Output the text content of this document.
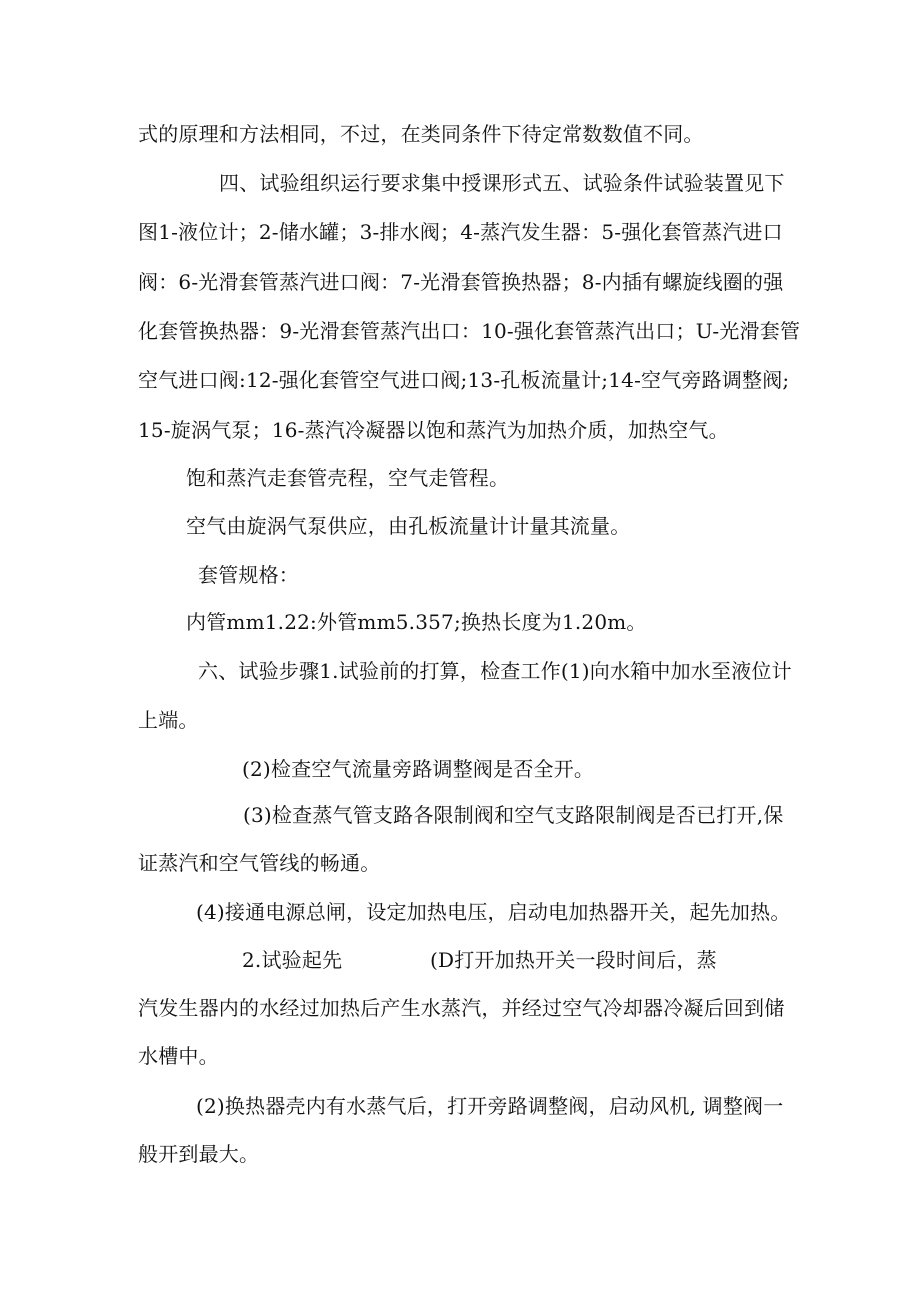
式的原理和方法相同，不过，在类同条件下待定常数数值不同。
四、试验组织运行要求集中授课形式五、试验条件试验装置见下
图1-液位计；2-储水罐；3-排水阀；4-蒸汽发生器：5-强化套管蒸汽进口
阀：6-光滑套管蒸汽进口阀：7-光滑套管换热器；8-内插有螺旋线圈的强
化套管换热器：9-光滑套管蒸汽出口：10-强化套管蒸汽出口；U-光滑套管
空气进口阀:12-强化套管空气进口阀;13-孔板流量计;14-空气旁路调整阀;
15-旋涡气泵；16-蒸汽冷凝器以饱和蒸汽为加热介质，加热空气。
饱和蒸汽走套管壳程，空气走管程。
空气由旋涡气泵供应，由孔板流量计计量其流量。
套管规格：
内管mm1.22:外管mm5.357;换热长度为1.20m。
六、试验步骤1.试验前的打算，检查工作(1)向水箱中加水至液位计
上端。
(2)检查空气流量旁路调整阀是否全开。
(3)检查蒸气管支路各限制阀和空气支路限制阀是否已打开,保
证蒸汽和空气管线的畅通。
(4)接通电源总闸，设定加热电压，启动电加热器开关，起先加热。
2.试验起先	(D打开加热开关一段时间后，蒸
汽发生器内的水经过加热后产生水蒸汽，并经过空气冷却器冷凝后回到储
水槽中。
(2)换热器壳内有水蒸气后，打开旁路调整阀，启动风机, 调整阀一
般开到最大。
